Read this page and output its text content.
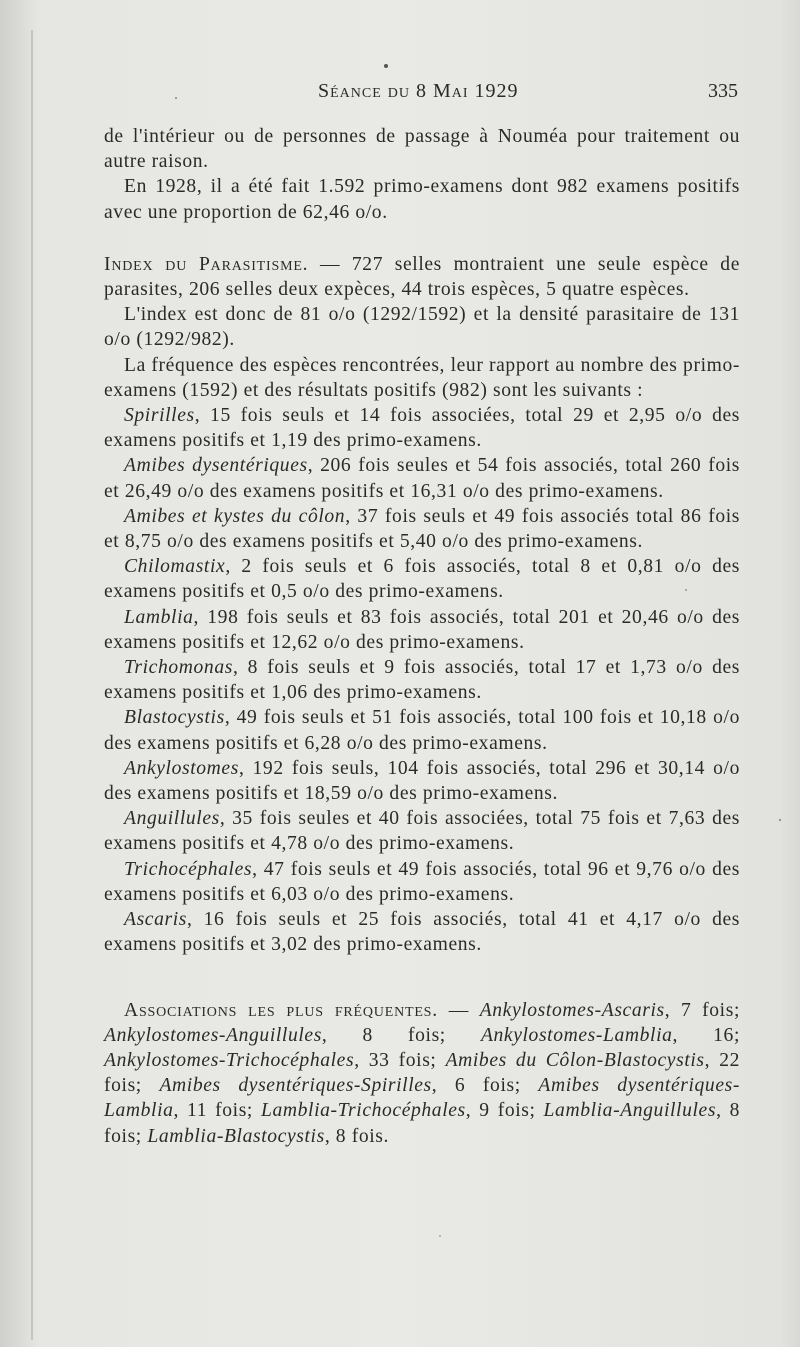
Séance du 8 Mai 1929	335

de l'intérieur ou de personnes de passage à Nouméa pour traitement ou autre raison.

En 1928, il a été fait 1.592 primo-examens dont 982 examens positifs avec une proportion de 62,46 o/o.

Index du Parasitisme. — 727 selles montraient une seule espèce de parasites, 206 selles deux expèces, 44 trois espèces, 5 quatre espèces.

L'index est donc de 81 o/o (1292/1592) et la densité parasitaire de 131 o/o (1292/982).

La fréquence des espèces rencontrées, leur rapport au nombre des primo-examens (1592) et des résultats positifs (982) sont les suivants :

Spirilles, 15 fois seuls et 14 fois associées, total 29 et 2,95 o/o des examens positifs et 1,19 des primo-examens.

Amibes dysentériques, 206 fois seules et 54 fois associés, total 260 fois et 26,49 o/o des examens positifs et 16,31 o/o des primo-examens.

Amibes et kystes du côlon, 37 fois seuls et 49 fois associés total 86 fois et 8,75 o/o des examens positifs et 5,40 o/o des primo-examens.

Chilomastix, 2 fois seuls et 6 fois associés, total 8 et 0,81 o/o des examens positifs et 0,5 o/o des primo-examens.

Lamblia, 198 fois seuls et 83 fois associés, total 201 et 20,46 o/o des examens positifs et 12,62 o/o des primo-examens.

Trichomonas, 8 fois seuls et 9 fois associés, total 17 et 1,73 o/o des examens positifs et 1,06 des primo-examens.

Blastocystis, 49 fois seuls et 51 fois associés, total 100 fois et 10,18 o/o des examens positifs et 6,28 o/o des primo-examens.

Ankylostomes, 192 fois seuls, 104 fois associés, total 296 et 30,14 o/o des examens positifs et 18,59 o/o des primo-examens.

Anguillules, 35 fois seules et 40 fois associées, total 75 fois et 7,63 des examens positifs et 4,78 o/o des primo-examens.

Trichocéphales, 47 fois seuls et 49 fois associés, total 96 et 9,76 o/o des examens positifs et 6,03 o/o des primo-examens.

Ascaris, 16 fois seuls et 25 fois associés, total 41 et 4,17 o/o des examens positifs et 3,02 des primo-examens.

Associations les plus fréquentes. — Ankylostomes-Ascaris, 7 fois; Ankylostomes-Anguillules, 8 fois; Ankylostomes-Lamblia, 16; Ankylostomes-Trichocéphales, 33 fois; Amibes du Côlon-Blastocystis, 22 fois; Amibes dysentériques-Spirilles, 6 fois; Amibes dysentériques-Lamblia, 11 fois; Lamblia-Trichocéphales, 9 fois; Lamblia-Anguillules, 8 fois; Lamblia-Blastocystis, 8 fois.
